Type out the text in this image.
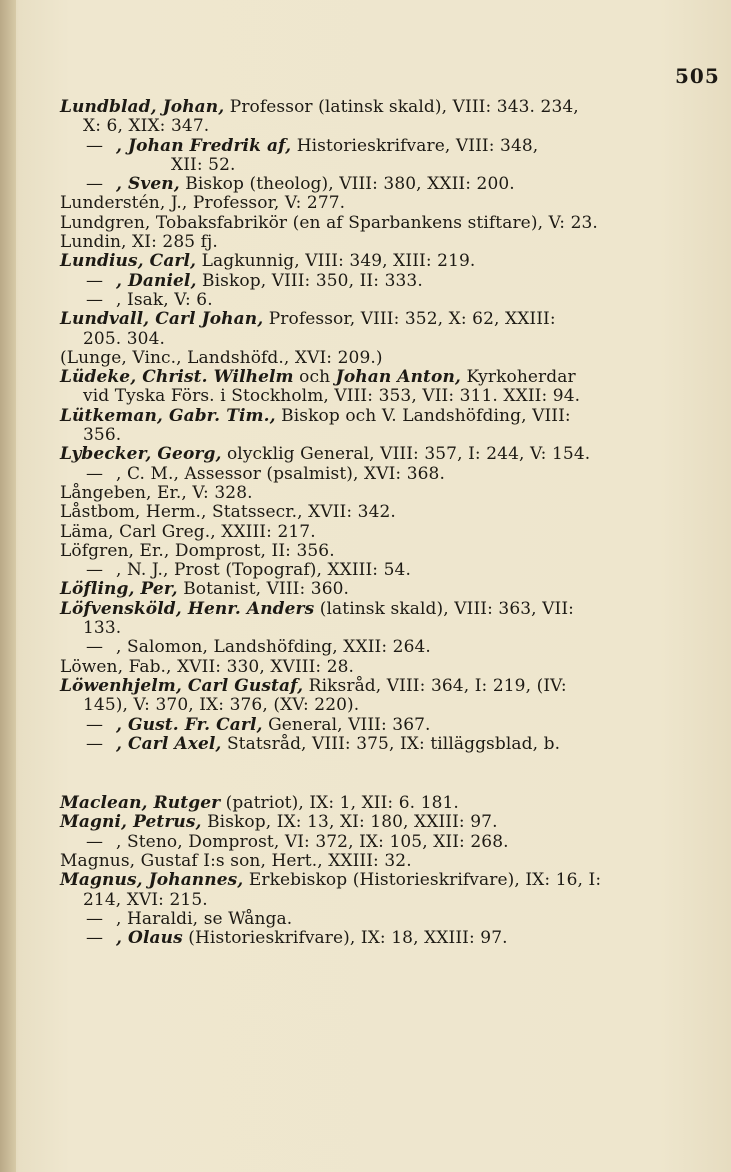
505
Lundblad, Johan, Professor (latinsk skald), VIII: 343. 234,
X: 6, XIX: 347.
— , Johan Fredrik af, Historieskrifvare, VIII: 348,
XII: 52.
— , Sven, Biskop (theolog), VIII: 380, XXII: 200.
Lunderstén, J., Professor, V: 277.
Lundgren, Tobaksfabrikör (en af Sparbankens stiftare), V: 23.
Lundin, XI: 285 fj.
Lundius, Carl, Lagkunnig, VIII: 349, XIII: 219.
— , Daniel, Biskop, VIII: 350, II: 333.
— , Isak, V: 6.
Lundvall, Carl Johan, Professor, VIII: 352, X: 62, XXIII:
205. 304.
(Lunge, Vinc., Landshöfd., XVI: 209.)
Lüdeke, Christ. Wilhelm och Johan Anton, Kyrkoherdar
vid Tyska Förs. i Stockholm, VIII: 353, VII: 311. XXII: 94.
Lütkeman, Gabr. Tim., Biskop och V. Landshöfding, VIII:
356.
Lybecker, Georg, olycklig General, VIII: 357, I: 244, V: 154.
— , C. M., Assessor (psalmist), XVI: 368.
Långeben, Er., V: 328.
Låstbom, Herm., Statssecr., XVII: 342.
Läma, Carl Greg., XXIII: 217.
Löfgren, Er., Domprost, II: 356.
— , N. J., Prost (Topograf), XXIII: 54.
Löfling, Per, Botanist, VIII: 360.
Löfvensköld, Henr. Anders (latinsk skald), VIII: 363, VII:
133.
— , Salomon, Landshöfding, XXII: 264.
Löwen, Fab., XVII: 330, XVIII: 28.
Löwenhjelm, Carl Gustaf, Riksråd, VIII: 364, I: 219, (IV:
145), V: 370, IX: 376, (XV: 220).
— , Gust. Fr. Carl, General, VIII: 367.
— , Carl Axel, Statsråd, VIII: 375, IX: tilläggsblad, b.
Maclean, Rutger (patriot), IX: 1, XII: 6. 181.
Magni, Petrus, Biskop, IX: 13, XI: 180, XXIII: 97.
— , Steno, Domprost, VI: 372, IX: 105, XII: 268.
Magnus, Gustaf I:s son, Hert., XXIII: 32.
Magnus, Johannes, Erkebiskop (Historieskrifvare), IX: 16, I:
214, XVI: 215.
— , Haraldi, se Wånga.
— , Olaus (Historieskrifvare), IX: 18, XXIII: 97.
